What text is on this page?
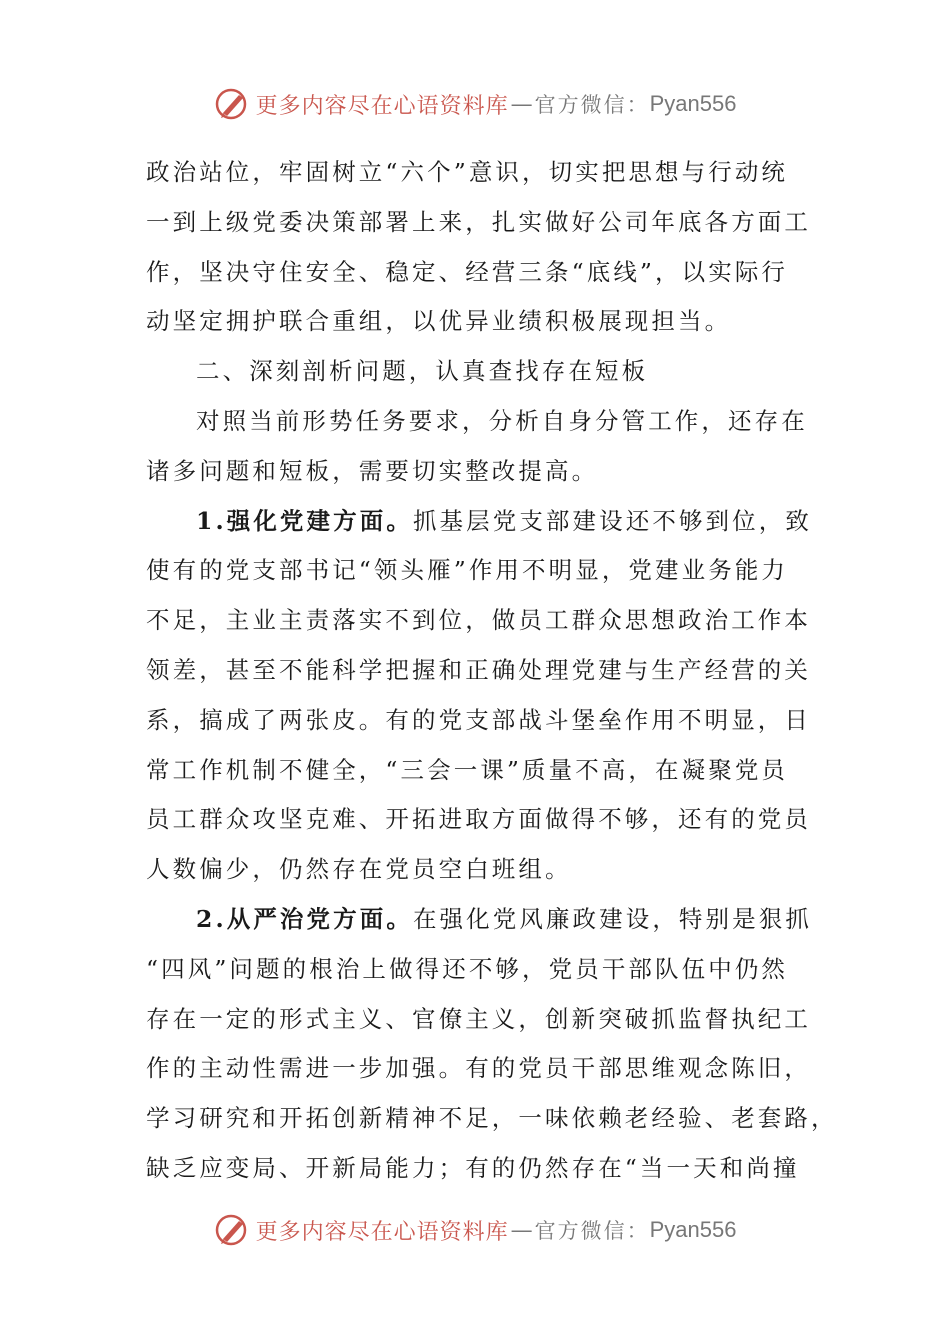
更多内容尽在心语资料库 — 官方微信： Pyan556
政治站位，牢固树立“六个”意识，切实把思想与行动统
一到上级党委决策部署上来，扎实做好公司年底各方面工
作，坚决守住安全、稳定、经营三条“底线”，以实际行
动坚定拥护联合重组，以优异业绩积极展现担当。
二、深刻剖析问题，认真查找存在短板
对照当前形势任务要求，分析自身分管工作，还存在
诸多问题和短板，需要切实整改提高。
1.强化党建方面。抓基层党支部建设还不够到位，致
使有的党支部书记“领头雁”作用不明显，党建业务能力
不足，主业主责落实不到位，做员工群众思想政治工作本
领差，甚至不能科学把握和正确处理党建与生产经营的关
系，搞成了两张皮。有的党支部战斗堡垒作用不明显，日
常工作机制不健全，“三会一课”质量不高，在凝聚党员
员工群众攻坚克难、开拓进取方面做得不够，还有的党员
人数偏少，仍然存在党员空白班组。
2.从严治党方面。在强化党风廉政建设，特别是狠抓
“四风”问题的根治上做得还不够，党员干部队伍中仍然
存在一定的形式主义、官僚主义，创新突破抓监督执纪工
作的主动性需进一步加强。有的党员干部思维观念陈旧，
学习研究和开拓创新精神不足，一味依赖老经验、老套路，
缺乏应变局、开新局能力；有的仍然存在“当一天和尚撞
更多内容尽在心语资料库 — 官方微信： Pyan556
